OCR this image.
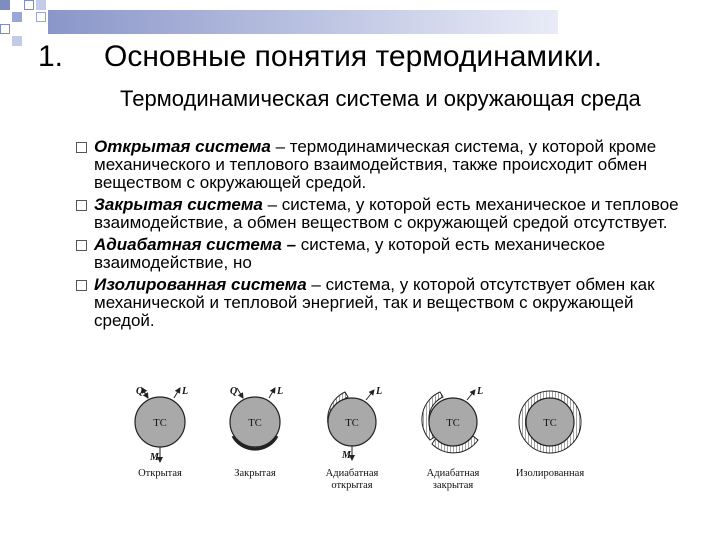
1. Основные понятия термодинамики.
Термодинамическая система и окружающая среда
Открытая система – термодинамическая система, у которой кроме механического и теплового взаимодействия, также происходит обмен веществом с окружающей средой.
Закрытая система – система, у которой есть механическое и тепловое взаимодействие, а обмен веществом с окружающей средой отсутствует.
Адиабатная система – система, у которой есть механическое взаимодействие, но
Изолированная система – система, у которой отсутствует обмен как механической и тепловой энергией, так и веществом с окружающей средой.
ТС
Q	L
M
Открытая
ТС
Q	L
Закрытая
ТС
L
M
Адиабатная
открытая
ТС
L
Адиабатная
закрытая
ТС
Изолированная
